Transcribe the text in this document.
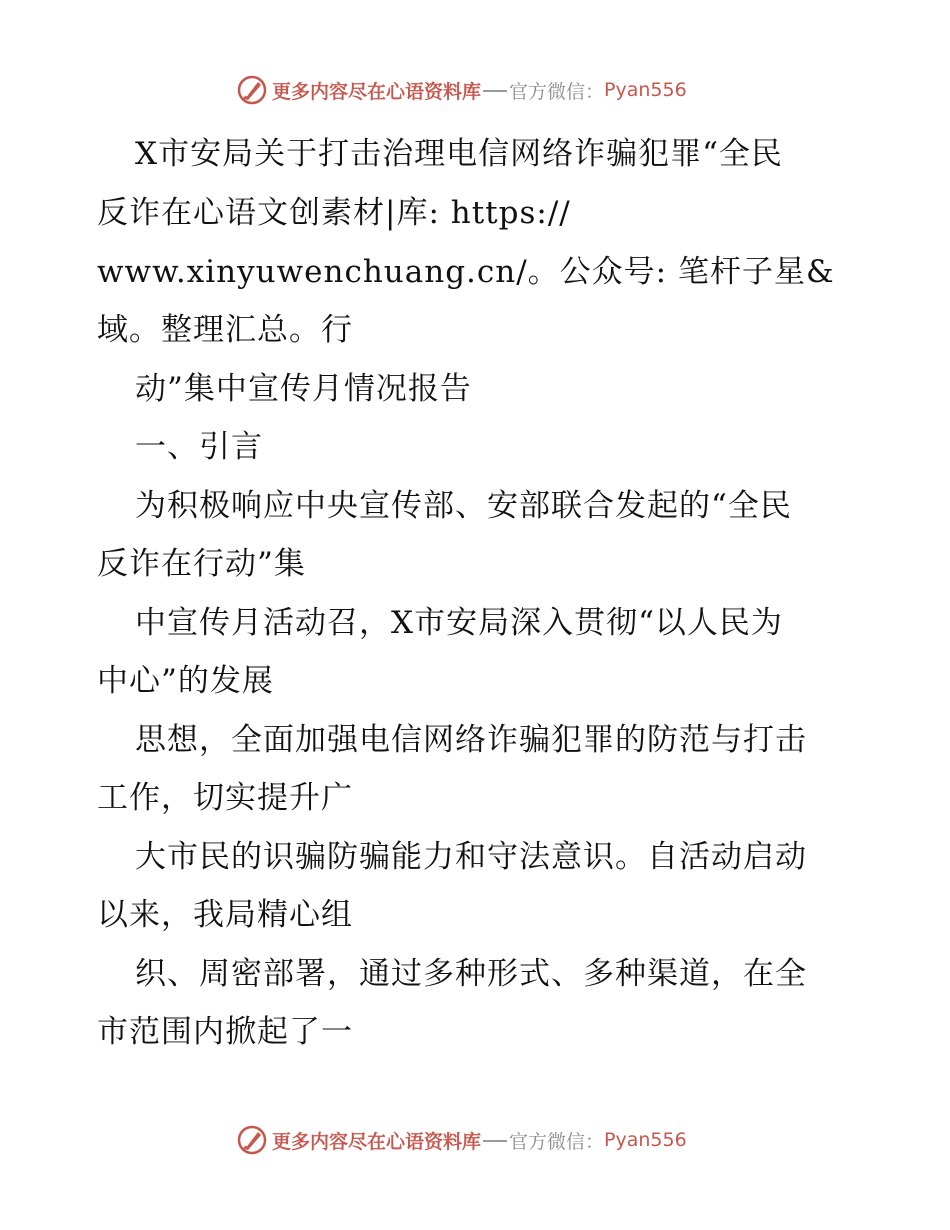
更多内容尽在心语资料库 官方微信： Pyan556
X市安局关于打击治理电信网络诈骗犯罪“全民
反诈在心语文创素材|库: https://
www.xinyuwenchuang.cn/。公众号: 笔杆子星&
域。整理汇总。行
动”集中宣传月情况报告
一、引言
为积极响应中央宣传部、安部联合发起的“全民
反诈在行动”集
中宣传月活动召，X市安局深入贯彻“以人民为
中心”的发展
思想，全面加强电信网络诈骗犯罪的防范与打击
工作，切实提升广
大市民的识骗防骗能力和守法意识。自活动启动
以来，我局精心组
织、周密部署，通过多种形式、多种渠道，在全
市范围内掀起了一
更多内容尽在心语资料库 官方微信： Pyan556
